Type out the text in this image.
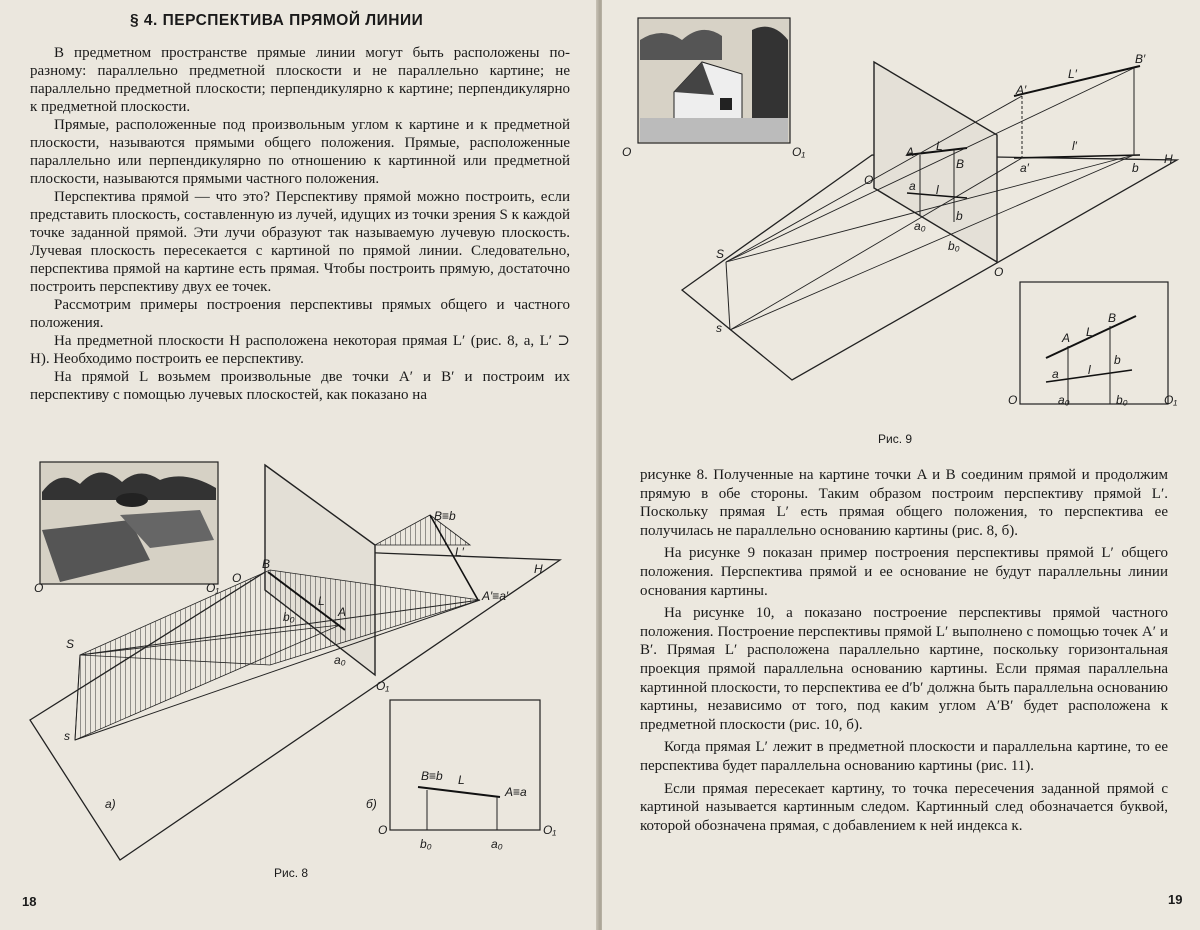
§ 4. ПЕРСПЕКТИВА ПРЯМОЙ ЛИНИИ

В предметном пространстве прямые линии могут быть расположены по-разному: параллельно предметной плоскости и не параллельно картине; не параллельно предметной плоскости; перпендикулярно к картине; перпендикулярно к предметной плоскости.

Прямые, расположенные под произвольным углом к картине и к предметной плоскости, называются прямыми общего положения. Прямые, расположенные параллельно или перпендикулярно по отношению к картинной или предметной плоскости, называются прямыми частного положения.

Перспектива прямой — что это? Перспективу прямой можно построить, если представить плоскость, составленную из лучей, идущих из точки зрения S к каждой точке заданной прямой. Эти лучи образуют так называемую лучевую плоскость. Лучевая плоскость пересекается с картиной по прямой линии. Следовательно, перспектива прямой на картине есть прямая. Чтобы построить прямую, достаточно построить перспективу двух ее точек.

Рассмотрим примеры построения перспективы прямых общего и частного положения.

На предметной плоскости H расположена некоторая прямая L′ (рис. 8, а, L′ ⊃ H). Необходимо построить ее перспективу.

На прямой L возьмем произвольные две точки A′ и B′ и построим их перспективу с помощью лучевых плоскостей, как показано на

O	O₁
O
H
S
s
B
b₀
L
A
a₀
O₁
B≡b
L′
A′≡a′
а)	б)
O	O₁
B≡b L
A≡a
b₀	a₀
Рис. 8
18
O	O₁
B′
L′
A′
l′
a′	b
H
A L
B
O	a l
b
a₀
b₀
S
s
O
A L
B
a l
b
O	a₀	b₀	O₁
Рис. 9

рисунке 8. Полученные на картине точки A и B соединим прямой и продолжим прямую в обе стороны. Таким образом построим перспективу прямой L′. Поскольку прямая L′ есть прямая общего положения, то перспектива ее получилась не параллельно основанию картины (рис. 8, б).

На рисунке 9 показан пример построения перспективы прямой L′ общего положения. Перспектива прямой и ее основание не будут параллельны линии основания картины.

На рисунке 10, а показано построение перспективы прямой частного положения. Построение перспективы прямой L′ выполнено с помощью точек A′ и B′. Прямая L′ расположена параллельно картине, поскольку горизонтальная проекция прямой параллельна основанию картины. Если прямая параллельна картинной плоскости, то перспектива ее d′b′ должна быть параллельна основанию картины, независимо от того, под каким углом A′B′ будет расположена к предметной плоскости (рис. 10, б).

Когда прямая L′ лежит в предметной плоскости и параллельна картине, то ее перспектива будет параллельна основанию картины (рис. 11).

Если прямая пересекает картину, то точка пересечения заданной прямой с картиной называется картинным следом. Картинный след обозначается буквой, которой обозначена прямая, с добавлением к ней индекса к.

19
